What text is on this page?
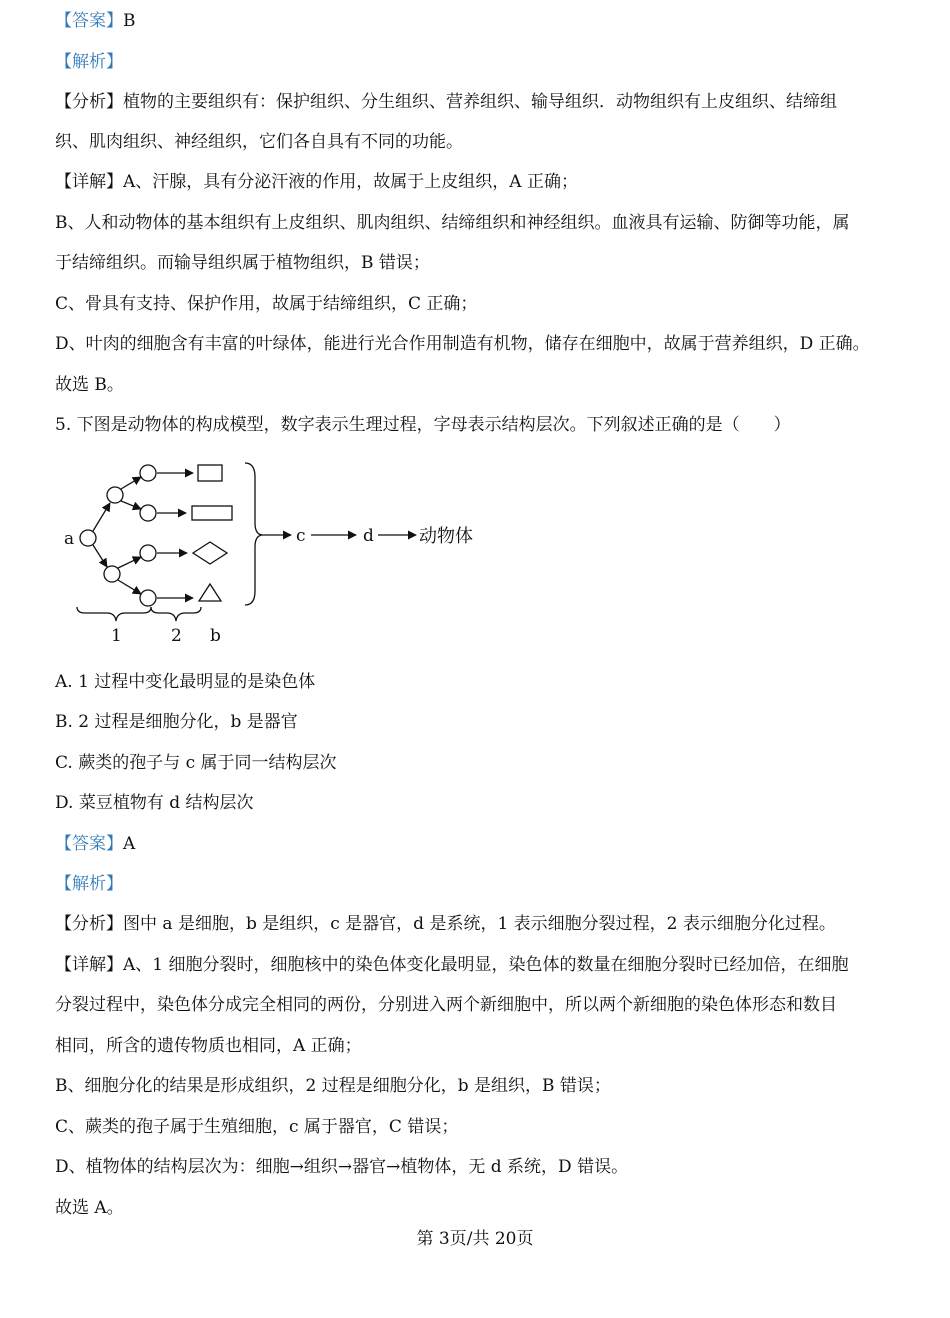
【答案】B
【解析】
【分析】植物的主要组织有：保护组织、分生组织、营养组织、输导组织．动物组织有上皮组织、结缔组
织、肌肉组织、神经组织，它们各自具有不同的功能。
【详解】A、汗腺，具有分泌汗液的作用，故属于上皮组织，A 正确；
B、人和动物体的基本组织有上皮组织、肌肉组织、结缔组织和神经组织。血液具有运输、防御等功能，属
于结缔组织。而输导组织属于植物组织，B 错误；
C、骨具有支持、保护作用，故属于结缔组织，C 正确；
D、叶肉的细胞含有丰富的叶绿体，能进行光合作用制造有机物，储存在细胞中，故属于营养组织，D 正确。
故选 B。
5. 下图是动物体的构成模型，数字表示生理过程，字母表示结构层次。下列叙述正确的是（　　）
a	c	d	动物体
1	2 b
A. 1 过程中变化最明显的是染色体
B. 2 过程是细胞分化，b 是器官
C. 蕨类的孢子与 c 属于同一结构层次
D. 菜豆植物有 d 结构层次
【答案】A
【解析】
【分析】图中 a 是细胞，b 是组织，c 是器官，d 是系统，1 表示细胞分裂过程，2 表示细胞分化过程。
【详解】A、1 细胞分裂时，细胞核中的染色体变化最明显，染色体的数量在细胞分裂时已经加倍，在细胞
分裂过程中，染色体分成完全相同的两份，分别进入两个新细胞中，所以两个新细胞的染色体形态和数目
相同，所含的遗传物质也相同，A 正确；
B、细胞分化的结果是形成组织，2 过程是细胞分化，b 是组织，B 错误；
C、蕨类的孢子属于生殖细胞，c 属于器官，C 错误；
D、植物体的结构层次为：细胞→组织→器官→植物体，无 d 系统，D 错误。
故选 A。
第 3页/共 20页
